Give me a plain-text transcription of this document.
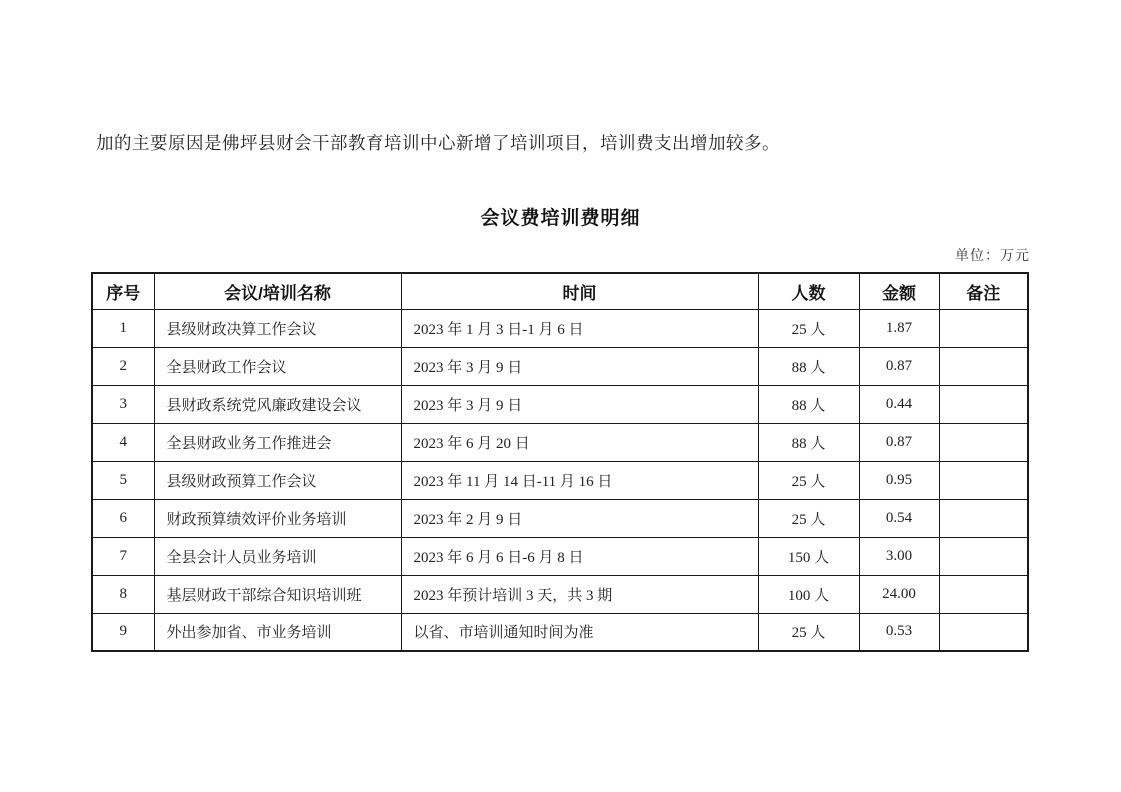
加的主要原因是佛坪县财会干部教育培训中心新增了培训项目，培训费支出增加较多。

会议费培训费明细
单位：万元
序号	会议/培训名称	时间	人数	金额	备注
1	县级财政决算工作会议	2023 年 1 月 3 日-1 月 6 日	25 人	1.87	
2	全县财政工作会议	2023 年 3 月 9 日	88 人	0.87	
3	县财政系统党风廉政建设会议	2023 年 3 月 9 日	88 人	0.44	
4	全县财政业务工作推进会	2023 年 6 月 20 日	88 人	0.87	
5	县级财政预算工作会议	2023 年 11 月 14 日-11 月 16 日	25 人	0.95	
6	财政预算绩效评价业务培训	2023 年 2 月 9 日	25 人	0.54	
7	全县会计人员业务培训	2023 年 6 月 6 日-6 月 8 日	150 人	3.00	
8	基层财政干部综合知识培训班	2023 年预计培训 3 天，共 3 期	100 人	24.00	
9	外出参加省、市业务培训	以省、市培训通知时间为准	25 人	0.53	
